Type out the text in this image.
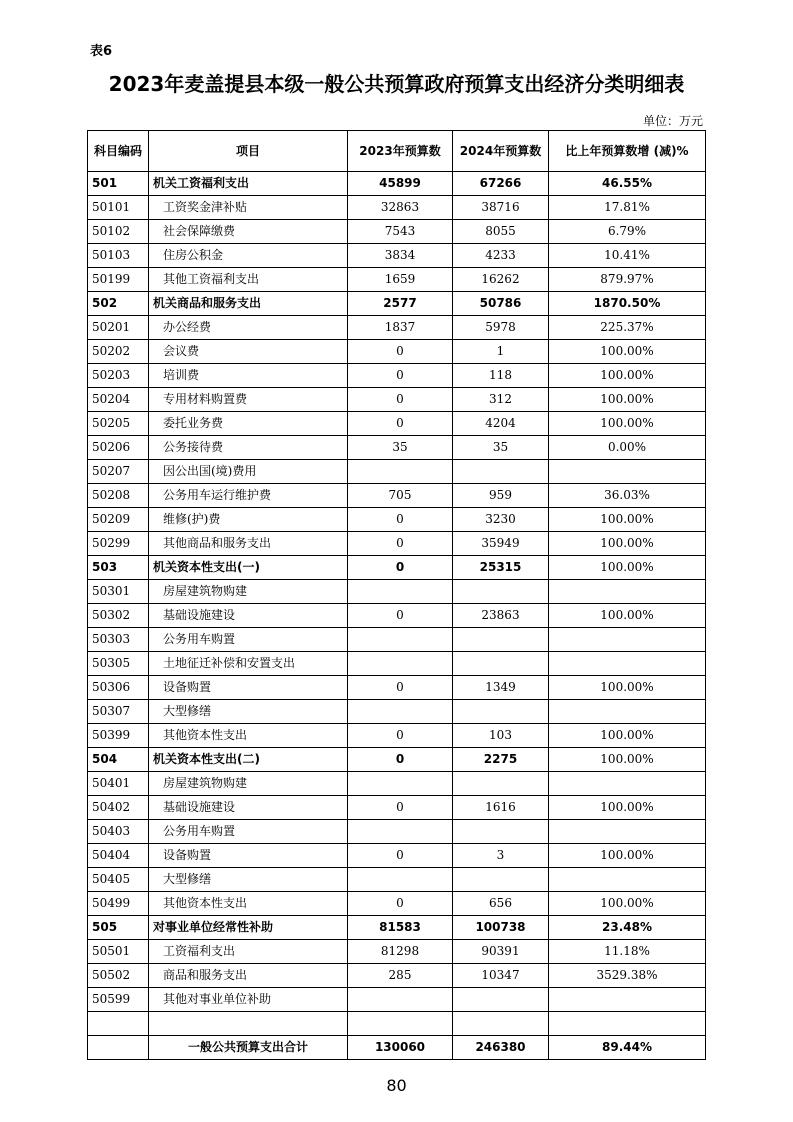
表6
2023年麦盖提县本级一般公共预算政府预算支出经济分类明细表
单位：万元
科目编码	项目	2023年预算数	2024年预算数	比上年预算数增 (减)%
501	机关工资福利支出	45899	67266	46.55%
50101	工资奖金津补贴	32863	38716	17.81%
50102	社会保障缴费	7543	8055	6.79%
50103	住房公积金	3834	4233	10.41%
50199	其他工资福利支出	1659	16262	879.97%
502	机关商品和服务支出	2577	50786	1870.50%
50201	办公经费	1837	5978	225.37%
50202	会议费	0	1	100.00%
50203	培训费	0	118	100.00%
50204	专用材料购置费	0	312	100.00%
50205	委托业务费	0	4204	100.00%
50206	公务接待费	35	35	0.00%
50207	因公出国(境)费用			
50208	公务用车运行维护费	705	959	36.03%
50209	维修(护)费	0	3230	100.00%
50299	其他商品和服务支出	0	35949	100.00%
503	机关资本性支出(一)	0	25315	100.00%
50301	房屋建筑物购建			
50302	基础设施建设	0	23863	100.00%
50303	公务用车购置			
50305	土地征迁补偿和安置支出			
50306	设备购置	0	1349	100.00%
50307	大型修缮			
50399	其他资本性支出	0	103	100.00%
504	机关资本性支出(二)	0	2275	100.00%
50401	房屋建筑物购建			
50402	基础设施建设	0	1616	100.00%
50403	公务用车购置			
50404	设备购置	0	3	100.00%
50405	大型修缮			
50499	其他资本性支出	0	656	100.00%
505	对事业单位经常性补助	81583	100738	23.48%
50501	工资福利支出	81298	90391	11.18%
50502	商品和服务支出	285	10347	3529.38%
50599	其他对事业单位补助			

	一般公共预算支出合计	130060	246380	89.44%
80
